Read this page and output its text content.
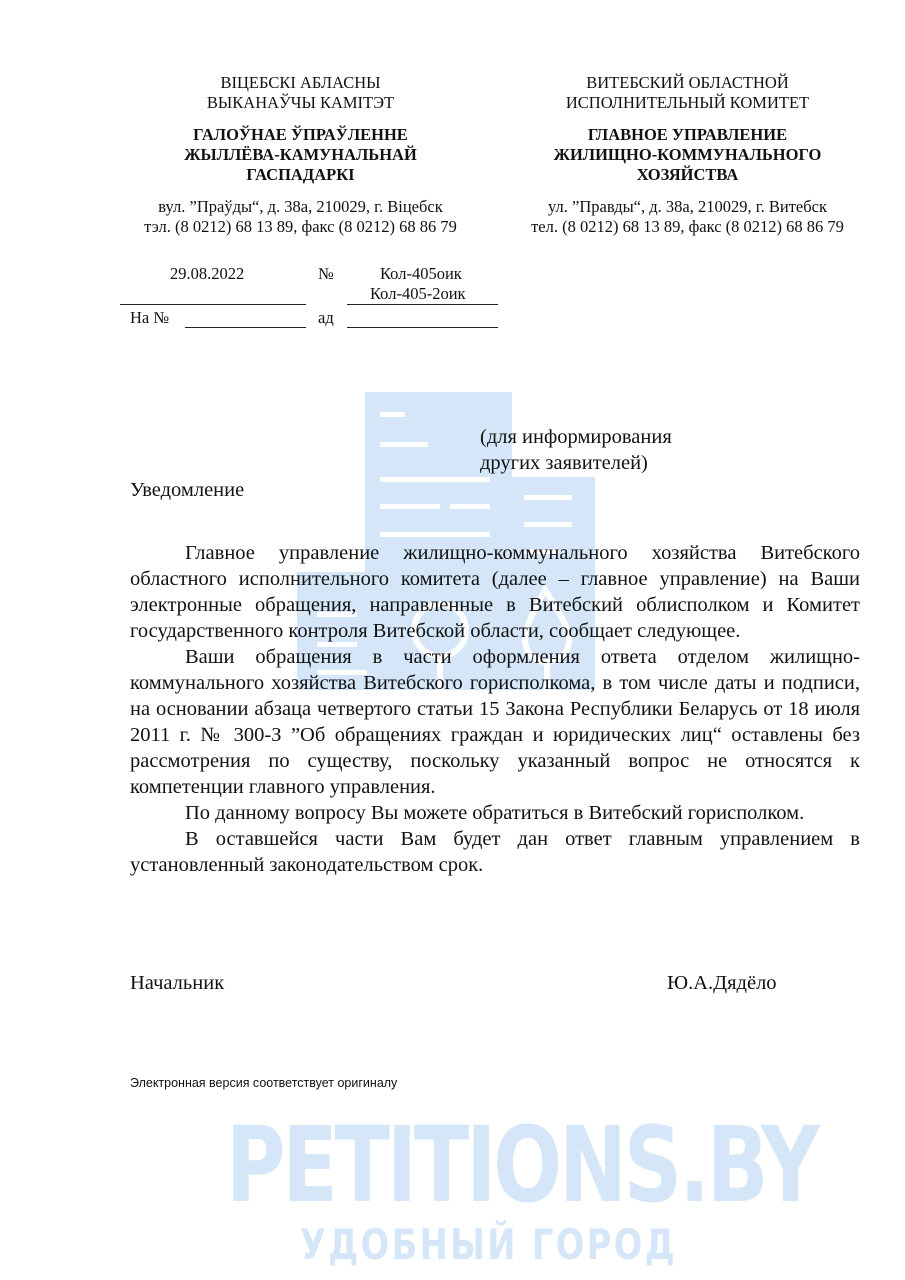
PETITIONS.BY
УДОБНЫЙ ГОРОД
ВІЦЕБСКІ АБЛАСНЫ
ВЫКАНАЎЧЫ КАМІТЭТ
ГАЛОЎНАЕ ЎПРАЎЛЕННЕ
ЖЫЛЛЁВА-КАМУНАЛЬНАЙ
ГАСПАДАРКІ
вул. ”Праўды“, д. 38а, 210029, г. Віцебск
тэл. (8 0212) 68 13 89, факс (8 0212) 68 86 79
ВИТЕБСКИЙ ОБЛАСТНОЙ
ИСПОЛНИТЕЛЬНЫЙ КОМИТЕТ
ГЛАВНОЕ УПРАВЛЕНИЕ
ЖИЛИЩНО-КОММУНАЛЬНОГО
ХОЗЯЙСТВА
ул. ”Правды“, д. 38а, 210029, г. Витебск
тел. (8 0212) 68 13 89, факс (8 0212) 68 86 79
29.08.2022	№	Кол-405оик
Кол-405-2оик
На №	ад
(для информирования
других заявителей)
Уведомление

Главное управление жилищно-коммунального хозяйства Витебского областного исполнительного комитета (далее – главное управление) на Ваши электронные обращения, направленные в Витебский облисполком и Комитет государственного контроля Витебской области, сообщает следующее.

Ваши обращения в части оформления ответа отделом жилищно-коммунального хозяйства Витебского горисполкома, в том числе даты и подписи, на основании абзаца четвертого статьи 15 Закона Республики Беларусь от 18 июля 2011 г. № 300-З ”Об обращениях граждан и юридических лиц“ оставлены без рассмотрения по существу, поскольку указанный вопрос не относятся к компетенции главного управления.

По данному вопросу Вы можете обратиться в Витебский горисполком.

В оставшейся части Вам будет дан ответ главным управлением в установленный законодательством срок.

Начальник	Ю.А.Дядёло
Электронная версия соответствует оригиналу
